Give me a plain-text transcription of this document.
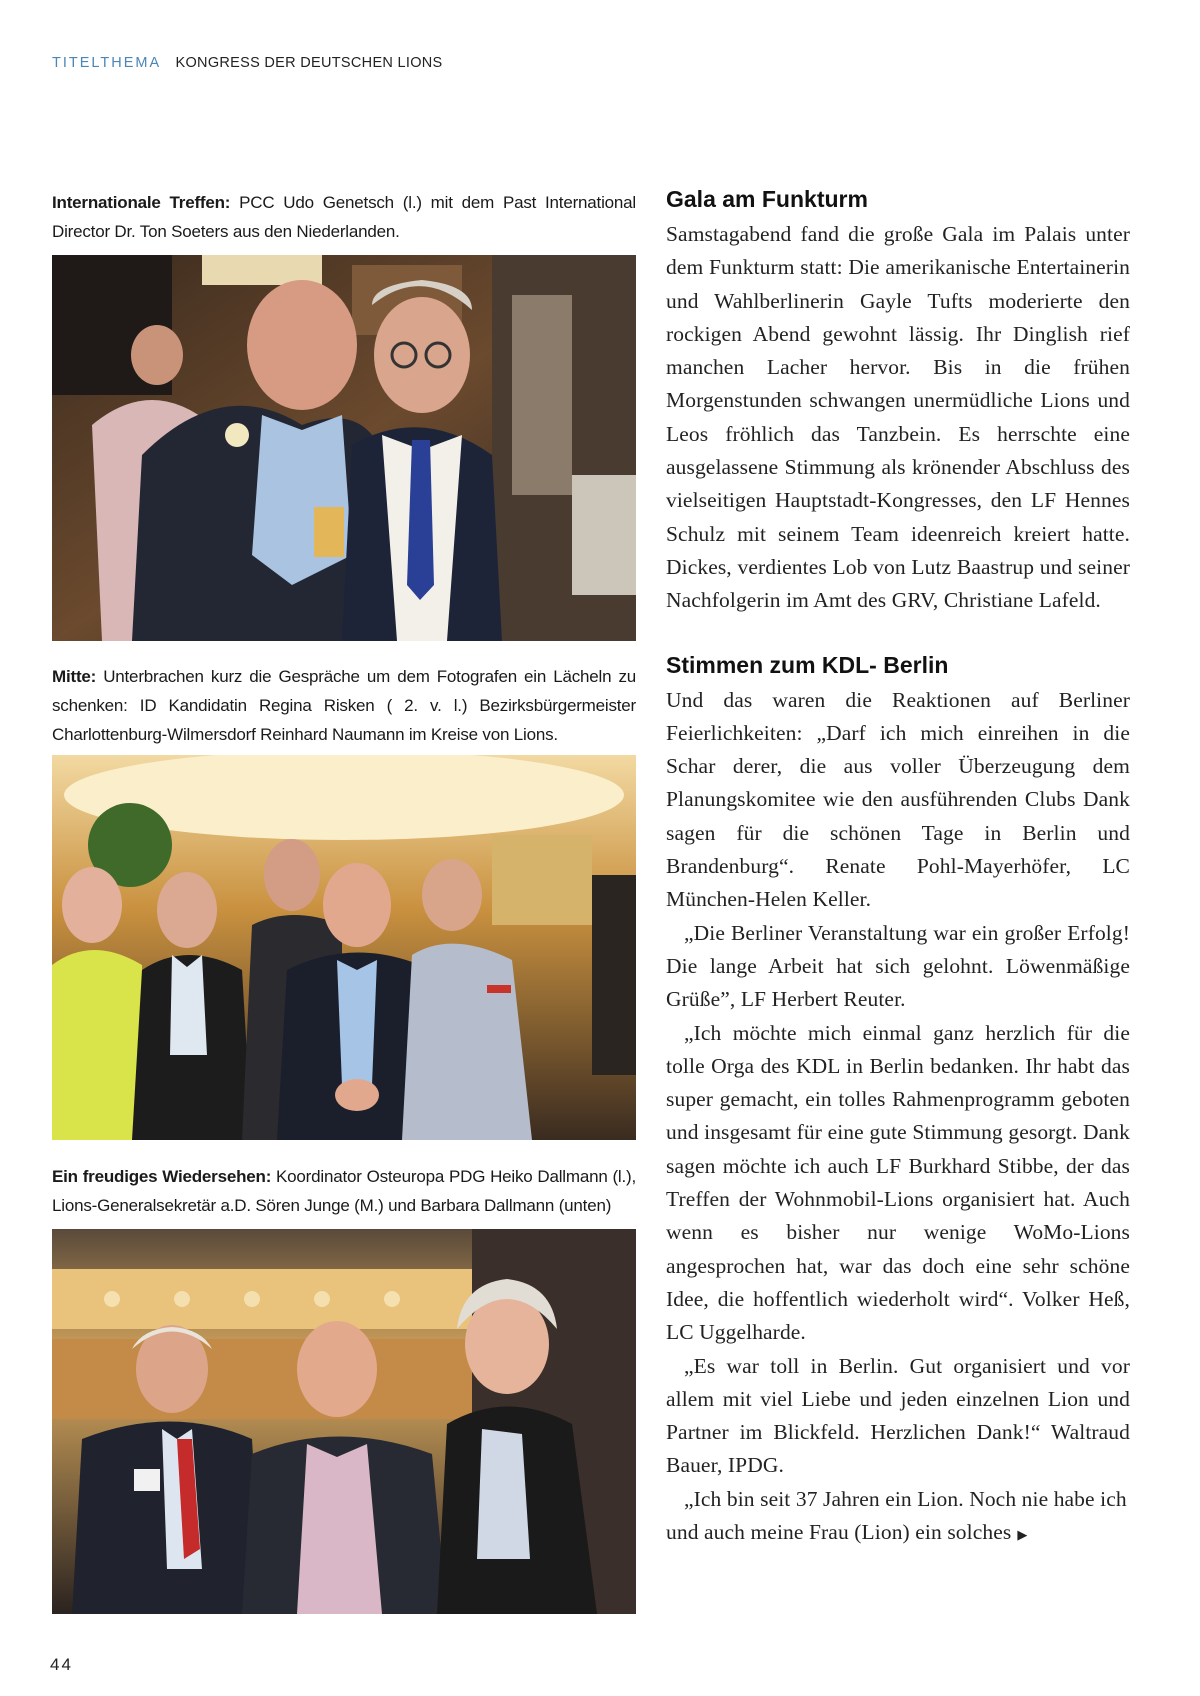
TITELTHEMA KONGRESS DER DEUTSCHEN LIONS

Internationale Treffen: PCC Udo Genetsch (l.) mit dem Past International Director Dr. Ton Soeters aus den Niederlanden.

Mitte: Unterbrachen kurz die Gespräche um dem Fotografen ein Lächeln zu schenken: ID Kandidatin Regina Risken ( 2. v. l.) Bezirksbürgermeister Charlottenburg-Wilmersdorf Reinhard Naumann im Kreise von Lions.

Ein freudiges Wiedersehen: Koordinator Osteuropa PDG Heiko Dallmann (l.), Lions-Generalsekretär a.D. Sören Junge (M.) und Barbara Dallmann (unten)

Gala am Funkturm

Samstagabend fand die große Gala im Palais unter dem Funkturm statt: Die amerikanische Entertainerin und Wahlberlinerin Gayle Tufts moderierte den rockigen Abend gewohnt lässig. Ihr Dinglish rief manchen Lacher hervor. Bis in die frühen Morgenstunden schwangen unermüdliche Lions und Leos fröhlich das Tanzbein. Es herrschte eine ausgelassene Stimmung als krönender Abschluss des vielseitigen Hauptstadt-Kongresses, den LF Hennes Schulz mit seinem Team ideenreich kreiert hatte. Dickes, verdientes Lob von Lutz Baastrup und seiner Nachfolgerin im Amt des GRV, Christiane Lafeld.

Stimmen zum KDL- Berlin

Und das waren die Reaktionen auf Berliner Feierlichkeiten: „Darf ich mich einreihen in die Schar derer, die aus voller Überzeugung dem Planungskomitee wie den ausführenden Clubs Dank sagen für die schönen Tage in Berlin und Brandenburg“. Renate Pohl-Mayerhöfer, LC München-Helen Keller.

„Die Berliner Veranstaltung war ein großer Erfolg! Die lange Arbeit hat sich gelohnt. Löwenmäßige Grüße”, LF Herbert Reuter.

„Ich möchte mich einmal ganz herzlich für die tolle Orga des KDL in Berlin bedanken. Ihr habt das super gemacht, ein tolles Rahmenprogramm geboten und insgesamt für eine gute Stimmung gesorgt. Dank sagen möchte ich auch LF Burkhard Stibbe, der das Treffen der Wohnmobil-Lions organisiert hat. Auch wenn es bisher nur wenige WoMo-Lions angesprochen hat, war das doch eine sehr schöne Idee, die hoffentlich wiederholt wird“. Volker Heß, LC Uggelharde.

„Es war toll in Berlin. Gut organisiert und vor allem mit viel Liebe und jeden einzelnen Lion und Partner im Blickfeld. Herzlichen Dank!“ Waltraud Bauer, IPDG.

„Ich bin seit 37 Jahren ein Lion. Noch nie habe ich und auch meine Frau (Lion) ein solches ▶

44
